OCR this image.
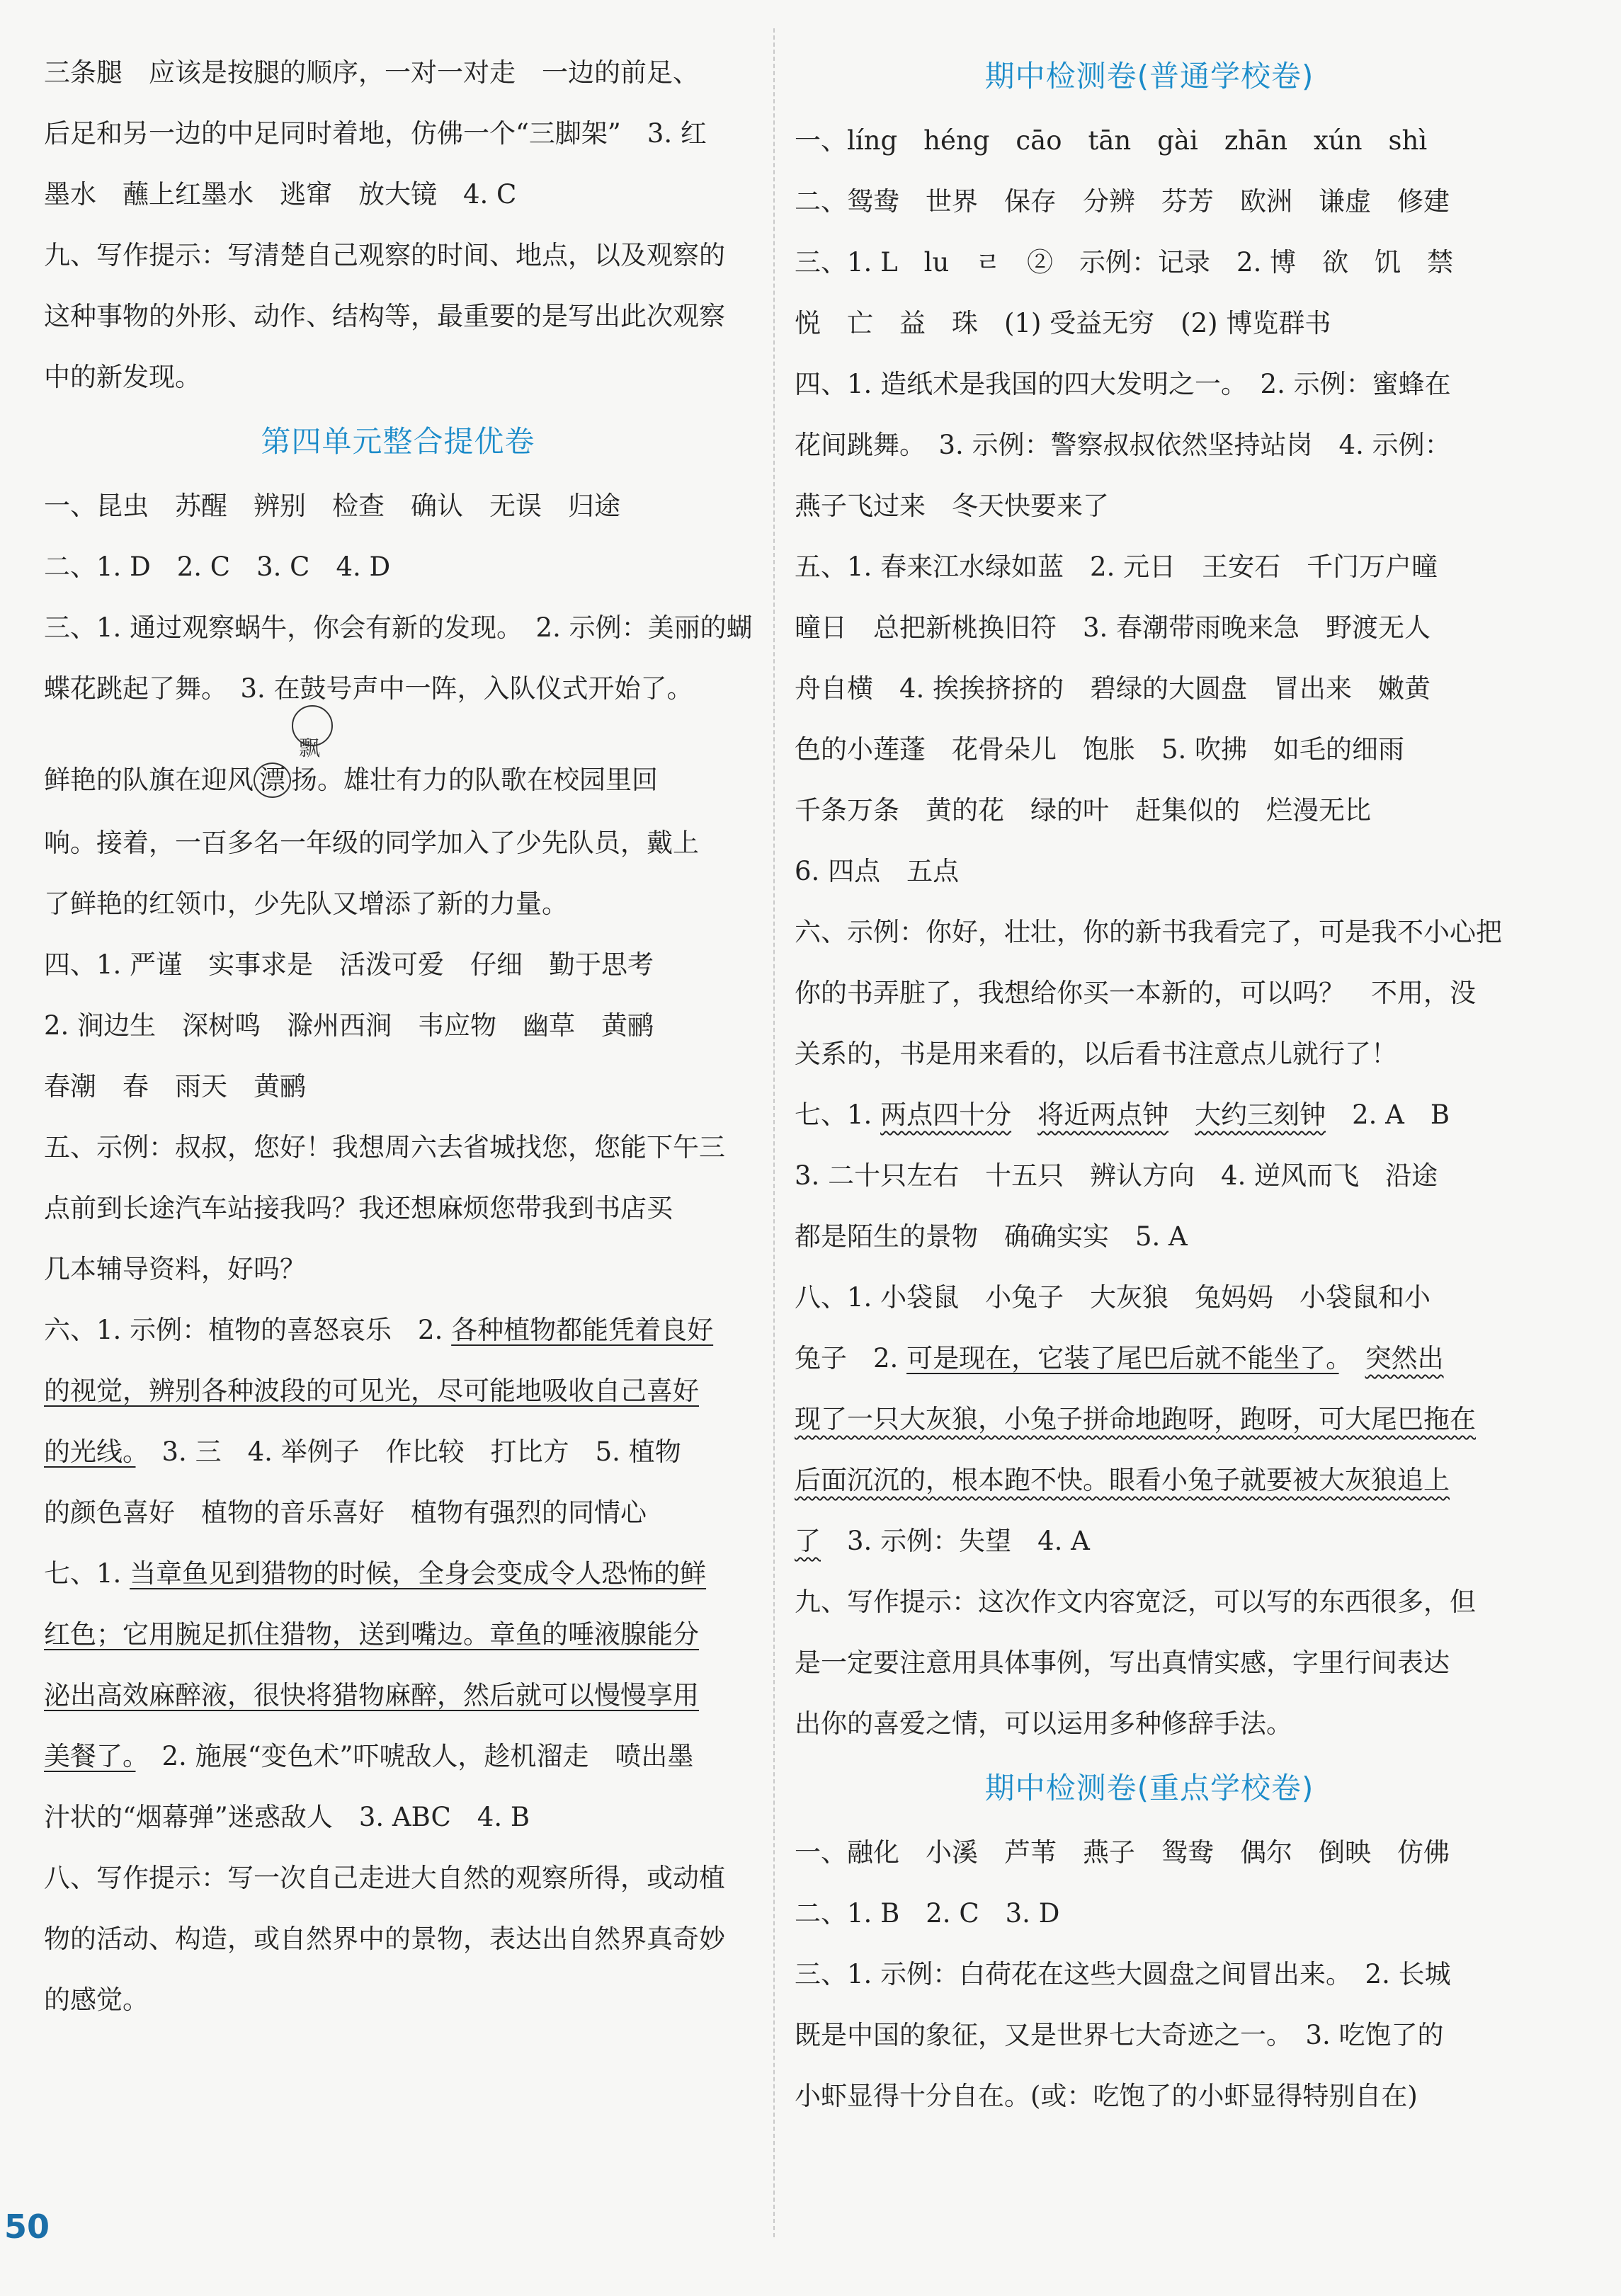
三条腿　应该是按腿的顺序，一对一对走　一边的前足、
后足和另一边的中足同时着地，仿佛一个“三脚架”　3. 红
墨水　蘸上红墨水　逃窜　放大镜　4. C
九、写作提示：写清楚自己观察的时间、地点，以及观察的
这种事物的外形、动作、结构等，最重要的是写出此次观察
中的新发现。
第四单元整合提优卷
一、昆虫　苏醒　辨别　检查　确认　无误　归途
二、1. D　2. C　3. C　4. D
三、1. 通过观察蜗牛，你会有新的发现。　2. 示例：美丽的蝴
蝶花跳起了舞。　3. 在鼓号声中一阵，入队仪式开始了。
飘
鲜艳的队旗在迎风 漂 扬。雄壮有力的队歌在校园里回
响。接着，一百多名一年级的同学加入了少先队员，戴上
了鲜艳的红领巾，少先队又增添了新的力量。
四、1. 严谨　实事求是　活泼可爱　仔细　勤于思考
2. 涧边生　深树鸣　滁州西涧　韦应物　幽草　黄鹂
春潮　春　雨天　黄鹂
五、示例：叔叔，您好！我想周六去省城找您，您能下午三
点前到长途汽车站接我吗？我还想麻烦您带我到书店买
几本辅导资料，好吗？
六、1. 示例：植物的喜怒哀乐　2. 各种植物都能凭着良好
的视觉，辨别各种波段的可见光，尽可能地吸收自己喜好
的光线。　3. 三　4. 举例子　作比较　打比方　5. 植物
的颜色喜好　植物的音乐喜好　植物有强烈的同情心
七、1. 当章鱼见到猎物的时候，全身会变成令人恐怖的鲜
红色；它用腕足抓住猎物，送到嘴边。章鱼的唾液腺能分
泌出高效麻醉液，很快将猎物麻醉，然后就可以慢慢享用
美餐了。　2. 施展“变色术”吓唬敌人，趁机溜走　喷出墨
汁状的“烟幕弹”迷惑敌人　3. ABC　4. B
八、写作提示：写一次自己走进大自然的观察所得，或动植
物的活动、构造，或自然界中的景物，表达出自然界真奇妙
的感觉。
期中检测卷(普通学校卷)
一、líng　héng　cāo　tān　gài　zhān　xún　shì
二、鸳鸯　世界　保存　分辨　芬芳　欧洲　谦虚　修建
三、1. L　lu　ㄹ　②　示例：记录　2. 博　欲　饥　禁
悦　亡　益　珠　(1) 受益无穷　(2) 博览群书
四、1. 造纸术是我国的四大发明之一。　2. 示例：蜜蜂在
花间跳舞。　3. 示例：警察叔叔依然坚持站岗　4. 示例：
燕子飞过来　冬天快要来了
五、1. 春来江水绿如蓝　2. 元日　王安石　千门万户曈
曈日　总把新桃换旧符　3. 春潮带雨晚来急　野渡无人
舟自横　4. 挨挨挤挤的　碧绿的大圆盘　冒出来　嫩黄
色的小莲蓬　花骨朵儿　饱胀　5. 吹拂　如毛的细雨
千条万条　黄的花　绿的叶　赶集似的　烂漫无比
6. 四点　五点
六、示例：你好，壮壮，你的新书我看完了，可是我不小心把
你的书弄脏了，我想给你买一本新的，可以吗？　不用，没
关系的，书是用来看的，以后看书注意点儿就行了！
七、1. 两点四十分　 将近两点钟　 大约三刻钟　2. A　B
3. 二十只左右　十五只　辨认方向　4. 逆风而飞　沿途
都是陌生的景物　确确实实　5. A
八、1. 小袋鼠　小兔子　大灰狼　兔妈妈　小袋鼠和小
兔子　2. 可是现在，它装了尾巴后就不能坐了。　 突然出
现了一只大灰狼，小兔子拼命地跑呀，跑呀，可大尾巴拖在
后面沉沉的，根本跑不快。眼看小兔子就要被大灰狼追上
了　3. 示例：失望　4. A
九、写作提示：这次作文内容宽泛，可以写的东西很多，但
是一定要注意用具体事例，写出真情实感，字里行间表达
出你的喜爱之情，可以运用多种修辞手法。
期中检测卷(重点学校卷)
一、融化　小溪　芦苇　燕子　鸳鸯　偶尔　倒映　仿佛
二、1. B　2. C　3. D
三、1. 示例：白荷花在这些大圆盘之间冒出来。　2. 长城
既是中国的象征，又是世界七大奇迹之一。　3. 吃饱了的
小虾显得十分自在。(或：吃饱了的小虾显得特别自在)
50
